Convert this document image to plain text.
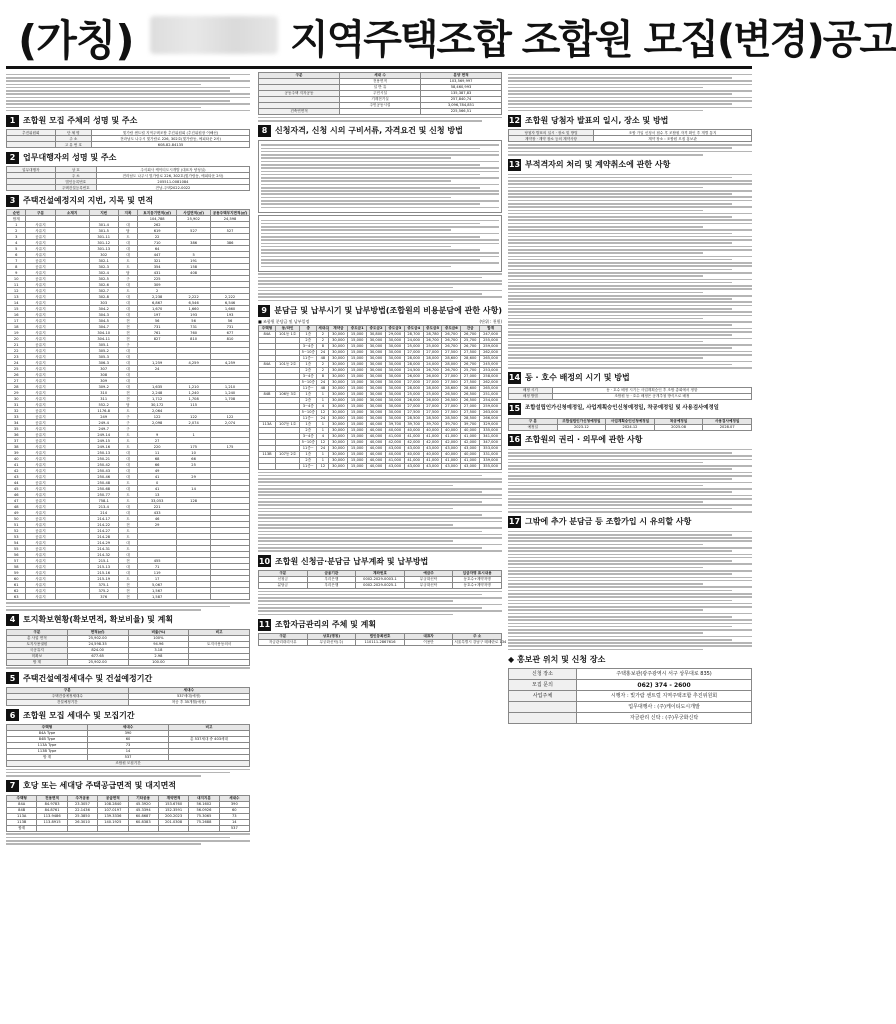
(가칭)	지역주택조합 조합원 모집(변경)공고
1 조합원 모집 주체의 성명 및 주소
추진위원회	단 체 명	빛가람 센트럴 지역주택조합 추진위원회 (추진위원장 이해선)
	주 소	전라남도 나주시 빛가람로 226, 302호(빛가람동, 에피타운 2차)
	고 유 번 호	608-82-84135
2 업무대행자의 성명 및 주소
업무대행자	상 호	주식회사 케이티도시개발 (대표자 양성실)
	주 소	전라남도 나주시 빛가람로 226, 302호(빛가람동, 에피타운 2차)
	법인등록번호	205511-0081084
	주택건설등록번호	전남-주택2022-0022
3 주택건설예정지의 지번, 지목 및 면적
순번	구분	소재지	지번	지목	토지등기면적(㎡)	사업면적(㎡)	공동주택부지면적(㎡)
합계					104,788	25,902	24,598
1	사유지		301-4	대	262		
2	사유지		301-5	답	619	527	527
3	공유지		301-11	도	22		
4	사유지		301-12	대	710	386	386
5	사유지		301-13	대	64		
6	사유지		302	대	447	5	
7	공유지		302-1	도	321	191	
8	공유지		302-3	도	354	158	
9	사유지		302-4	답	431	408	
10	공유지		302-5	구	225		
11	사유지		302-6	대	309		
12	사유지		302-7	도	2		
13	사유지		302-8	대	2,238	2,222	2,222
14	사유지		303	대	6,867	6,546	6,546
15	사유지		304-2	대	1,670	1,660	1,660
16	사유지		304-3	대	197	193	193
17	사유지		304-5	전	56	56	56
18	사유지		304-7	전	731	731	731
19	사유지		304-10	전	761	760	677
20	사유지		304-11	전	827	810	810
21	공유지		305-1	구			
22	사유지		305-2	대			
23	사유지		305-3	대			
24	사유지		306-3	대	1,259	4,259	4,259
25	사유지		307	대	24		
26	사유지		308	대			
27	사유지		309	대			
28	사유지		309-2	대	1,635	1,210	1,210
29	사유지		310	전	2,248	1,240	1,240
30	사유지		311	전	1,712	1,708	1,708
31	사유지		552-2	답	30,172	115	
32	공유지		1176-8	도	2,064		
33	공유지		249	구	122	122	122
34	공유지		249-4	구	2,098	2,074	2,074
35	사유지		249-7	구			
36	공유지		249-14	도	9	1	
37	공유지		249-15	도	27		
38	사유지		249-16	도	220	175	175
39	사유지		250-13	대	11	10	
40	사유지		250-21	대	68	66	
41	사유지		250-42	대	66	25	
42	사유지		250-43	대	49		
43	사유지		250-46	대	41	29	
44	공유지		250-48	도	0		
45	사유지		250-68	대	41	14	
46	사유지		250-77	도	13		
47	공유지		758-1	도	33,053	128	
48	사유지		213-4	대	221		
49	사유지		214	대	433		
50	공유지		214-17	도	46		
51	사유지		214-22	전	29		
52	공유지		214-27	도			
53	공유지		214-28	도			
54	사유지		214-29	대			
55	공유지		214-31	도			
56	사유지		214-32	대			
57	사유지		215-1	전	455		
58	사유지		215-13	대	71		
59	사유지		215-16	대	119		
60	사유지		215-19	도	17		
61	사유지		375-1	전	5,067		
62	사유지		375-2	전	1,567		
63	사유지		376	전	1,587		
4 토지확보현황(확보면적, 확보비율) 및 계획
구분	면적(㎡)	비율(%)	비고
총 사업 면적	25,902.00	100%	
토지사용권원	24,598.35	94.96	토지사용동의서
국공유지	824.00	3.18	
미확보	677.65	2.98	
합 계	25,902.00	100.00	
5 주택건설예정세대수 및 건설예정기간
구분	세대수
주택건설예정세대수	537세대(예정)
건설예정기간	착공 후 35개월(예정)
6 조합원 모집 세대수 및 모집기간
주택형	세대수	비고
84A Type	390	
84B Type	60	총 537세대 중 403세대
113A Type	73	
113B Type	14	
합 계	537	
조합원 모집기간		
7 호당 또는 세대당 주택공급면적 및 대지면적
주택형	전용면적	주거공용	공급면적	기타공용	계약면적	대지지분	세대수
84A	84.9783	23.3057	108.2840	45.3920	153.6760	56.1602	390
84B	84.8761	22.1436	107.0197	45.3394	152.3591	56.0926	60
113A	113.9486	25.3850	139.3336	60.8687	200.2023	75.3065	73
113B	113.8915	26.3010	140.1925	60.8383	201.0308	75.2688	14
합계							537
구분	세대 수	분양 면적
	전용면적	103,569,997
	일 반 유	58,460,993
공동주택 지자공동	주민시설	135,387,83
	기계전기실	257,840,74
	주민공동시설	3,096,784,851
건축연면적		225,566,51
8 신청자격, 신청 시의 구비서류, 자격요건 및 신청 방법
9 분담금 및 납부시기 및 납부방법(조합원의 비용분담에 관한 사항)
■ 조합원 분담금 및 납부일정	(단위 : 천원)
주택형	동/라인	층	세대수	계약금	중도금1	중도금2	중도금3	중도금4	중도금5	중도금6	잔금	합계
84A	101동 1호	1층	2	30,000	15,000	30,800	29,000	28,700	28,780	26,700	26,700	247,000
		2층	2	30,000	15,000	30,000	30,000	24,000	26,700	26,700	25,700	255,000
		3~4층	8	30,000	15,000	30,000	30,000	25,000	25,000	26,700	26,700	259,000
		5~10층	24	30,000	15,000	30,000	30,000	27,000	27,000	27,500	27,500	262,000
		11층~	48	30,000	15,000	30,000	30,000	28,000	28,000	28,600	28,600	265,000
84A	101동 2호	1층	2	30,000	15,000	30,000	30,000	28,000	24,000	28,000	26,700	245,000
		2층	2	30,000	15,000	30,000	30,000	24,500	26,700	26,700	25,700	253,000
		3~4층	8	30,000	15,000	30,000	30,000	26,000	26,000	27,000	27,000	258,000
		5~10층	24	30,000	15,000	30,000	30,000	27,000	27,000	27,500	27,500	262,000
		11층~	48	30,000	15,000	30,000	30,000	28,000	28,000	28,600	28,600	265,000
84B	106동 3호	1층	1	30,000	15,000	30,000	30,000	25,000	25,000	26,500	26,500	251,000
		2층	1	30,000	15,000	30,000	30,000	26,000	26,000	26,500	26,500	254,000
		3~4층	4	30,000	15,000	30,000	30,000	27,000	27,000	27,000	27,000	259,000
		5~10층	12	30,000	15,000	30,000	30,000	27,500	27,500	27,500	27,500	263,000
		11층~	24	30,000	15,000	30,000	30,000	28,500	28,500	28,500	28,500	266,000
113A	107동 1호	1층	1	30,000	15,000	40,000	39,700	39,700	39,700	39,700	39,700	329,000
		2층	1	30,000	15,000	40,000	40,000	40,000	40,000	40,000	40,000	335,000
		3~4층	4	30,000	15,000	40,000	41,000	41,000	41,000	41,000	41,000	341,000
		5~10층	12	30,000	15,000	40,000	42,000	42,000	42,000	42,000	42,000	347,000
		11층~	24	30,000	15,000	40,000	43,000	43,000	43,000	43,000	43,000	353,000
113B	107동 2호	1층	1	30,000	15,000	40,000	40,000	40,000	40,000	40,000	40,000	331,000
		2층	1	30,000	15,000	40,000	41,000	41,000	41,000	41,000	41,000	339,000
		11층~	12	30,000	15,000	40,000	43,000	43,000	43,000	43,000	43,000	355,000
10 조합원 신청금·분담금 납부계좌 및 납부방법
구분	금융기관	계좌번호	예금주	입금자명 표시내용
신청금	우리은행	0002-2029-0003-1	무궁화신탁	동호수+계약자명
분담금	우리은행	0002-2029-0025-1	무궁화신탁	동호수+계약자명
11 조합자금관리의 주체 및 계획
구분	상호(명칭)	법인등록번호	대표자	주 소
자금관리대리사무	무궁화신탁(주)	110111-2867616	이용만	서울특별시 강남구 테헤란로 134
12 조합원 당첨자 발표의 일시, 장소 및 방법
당첨자 발표의 일시 · 장소 및 방법	조합 가입 신청서 접수 후 조합원 자격 확인 후 개별 통지
계약장 · 계약 장소 등의 계약사항	계약 장소 : 조합원 모집 홍보관
13 부적격자의 처리 및 계약취소에 관한 사항
14 동 · 호수 배정의 시기 및 방법
배정 시기	동 · 호수 배정 시기는 사업계획승인 후 조합 총회에서 정함
배정 방법	조합원 동 · 호수 배정은 공개추첨 방식으로 배정
15 조합설립인가신청예정일, 사업계획승인신청예정일, 착공예정일 및 사용검사예정일
구 분	조합설립인가신청예정일	사업계획승인신청예정일	착공예정일	사용검사예정일
예정일	2023.12	2024.12	2025.08	2028.07
16 조합원의 권리 · 의무에 관한 사항
17 그밖에 추가 분담금 등 조합가입 시 유의할 사항
◆ 홍보관 위치 및 신청 장소
신청 장소	주택홍보관(광주광역시 서구 상무대로 835)
모집 문의	062) 374 - 2600
사업주체	시행자 : 빛가람 센트럴 지역주택조합 추진위원회
	업무대행사 : (주)케이티도시개발
	자금관리 신탁 : (주)무궁화신탁
